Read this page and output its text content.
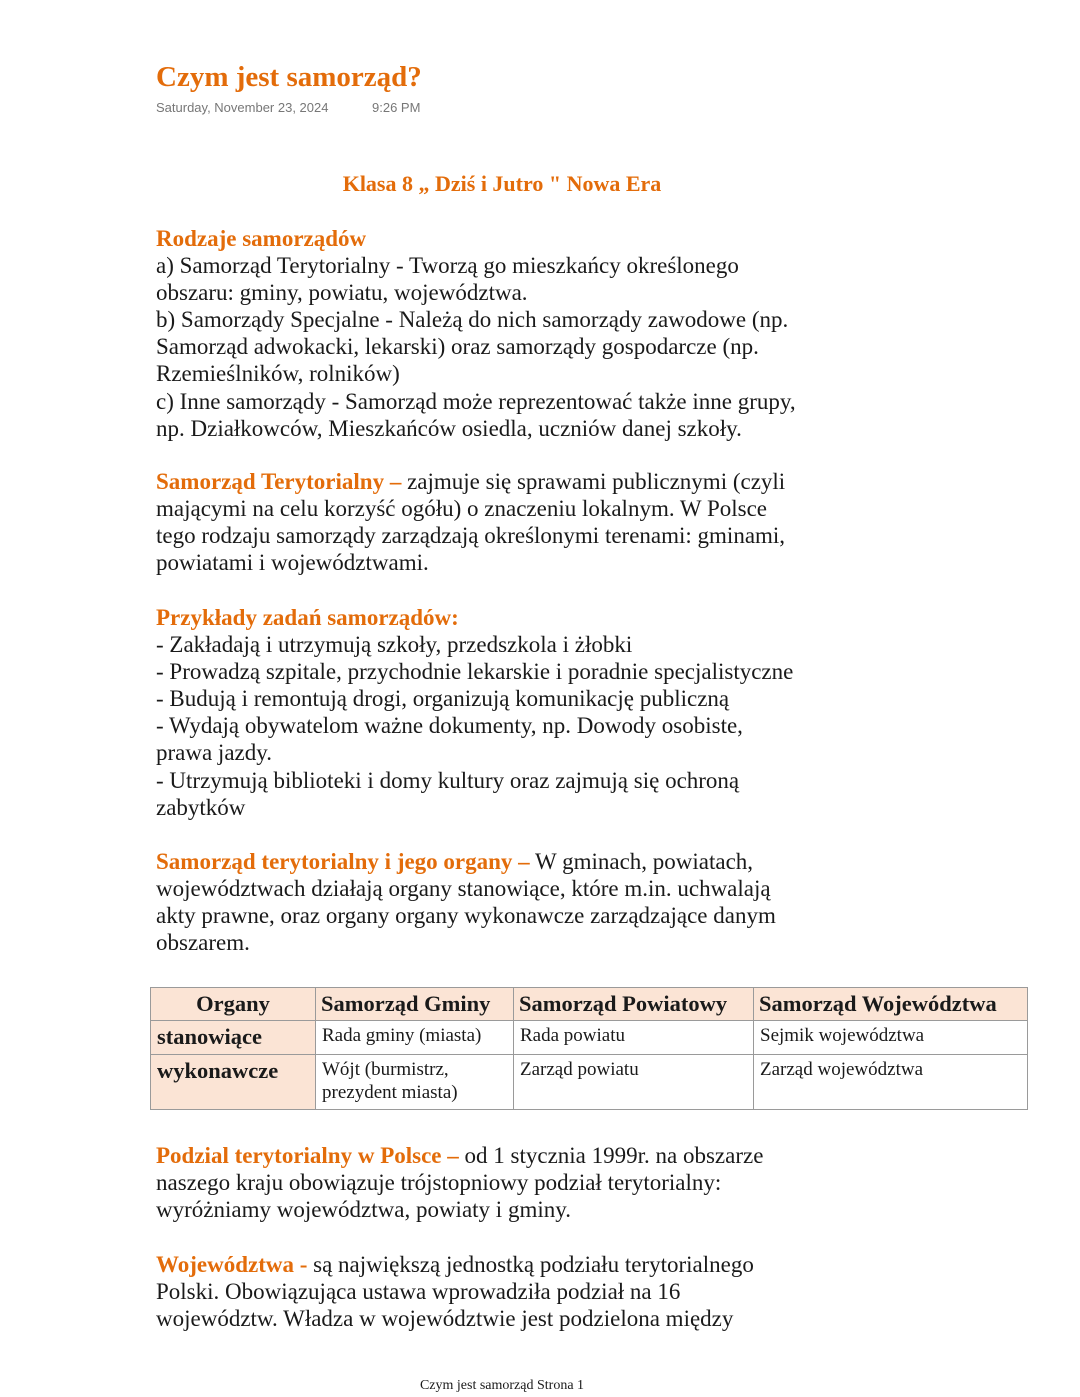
Czym jest samorząd?
Saturday, November 23, 2024	9:26 PM
Klasa 8 „ Dziś i Jutro " Nowa Era
Rodzaje samorządów
a) Samorząd Terytorialny - Tworzą go mieszkańcy określonego
obszaru: gminy, powiatu, województwa.
b) Samorządy Specjalne - Należą do nich samorządy zawodowe (np.
Samorząd adwokacki, lekarski) oraz samorządy gospodarcze (np.
Rzemieślników, rolników)
c) Inne samorządy - Samorząd może reprezentować także inne grupy,
np. Działkowców, Mieszkańców osiedla, uczniów danej szkoły.
Samorząd Terytorialny – zajmuje się sprawami publicznymi (czyli
mającymi na celu korzyść ogółu) o znaczeniu lokalnym. W Polsce
tego rodzaju samorządy zarządzają określonymi terenami: gminami,
powiatami i województwami.
Przykłady zadań samorządów:
- Zakładają i utrzymują szkoły, przedszkola i żłobki
- Prowadzą szpitale, przychodnie lekarskie i poradnie specjalistyczne
- Budują i remontują drogi, organizują komunikację publiczną
- Wydają obywatelom ważne dokumenty, np. Dowody osobiste,
prawa jazdy.
- Utrzymują biblioteki i domy kultury oraz zajmują się ochroną
zabytków
Samorząd terytorialny i jego organy – W gminach, powiatach,
województwach działają organy stanowiące, które m.in. uchwalają
akty prawne, oraz organy organy wykonawcze zarządzające danym
obszarem.
Organy	Samorząd Gminy	Samorząd Powiatowy	Samorząd Województwa
stanowiące	Rada gminy (miasta)	Rada powiatu	Sejmik województwa
wykonawcze	Wójt (burmistrz, prezydent miasta)	Zarząd powiatu	Zarząd województwa
Podzial terytorialny w Polsce – od 1 stycznia 1999r. na obszarze
naszego kraju obowiązuje trójstopniowy podział terytorialny:
wyróżniamy województwa, powiaty i gminy.
Województwa - są największą jednostką podziału terytorialnego
Polski. Obowiązująca ustawa wprowadziła podział na 16
województw. Władza w województwie jest podzielona między
Czym jest samorząd Strona 1
